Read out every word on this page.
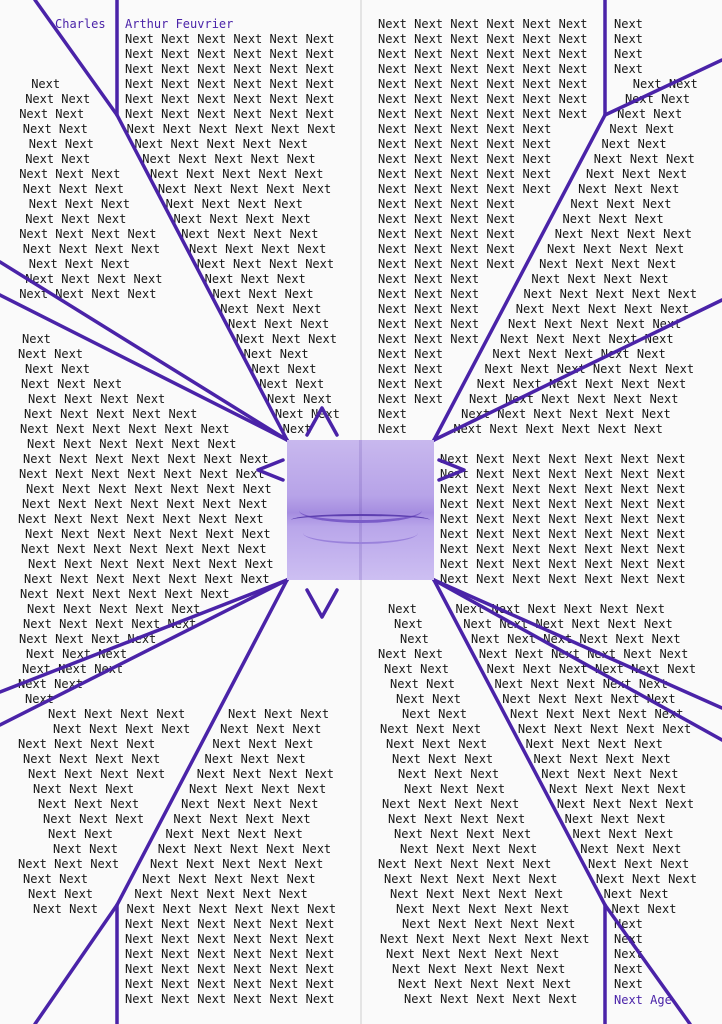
Next Next Next Next Next Next
Next Next Next Next Next Next
Next Next Next Next Next Next
Next	Next Next Next Next Next Next
Next Next	Next Next Next Next Next Next
Next Next	Next Next Next Next Next Next
Next Next	Next Next Next Next Next Next
Next Next	Next Next Next Next Next
Next Next	Next Next Next Next Next
Next Next Next Next Next Next Next Next
Next Next Next	Next Next Next Next Next
Next Next Next	Next Next Next Next
Next Next Next	Next Next Next Next
Next Next Next Next Next Next Next Next
Next Next Next Next Next Next Next Next
Next Next Next	Next Next Next Next
Next Next Next Next	Next Next Next
Next Next Next Next	Next Next Next
Next Next Next
Next Next Next
Next Next Next
Next
Next Next
Next Next
Next Next
Next Next
Next Next
Next Next Next
Next Next
Next Next Next Next
Next Next
Next Next Next Next Next
Next
Next Next Next Next Next Next
Next Next Next Next Next Next
Next Next Next Next Next Next Next
Next Next Next Next Next Next Next
Next Next Next Next Next Next Next
Next Next Next Next Next Next Next
Next Next Next Next Next Next Next
Next Next Next Next Next Next Next
Next Next Next Next Next Next Next
Next Next Next Next Next Next Next
Next Next Next Next Next Next Next
Next Next Next Next Next Next
Next Next Next Next Next
Next Next Next Next Next
Next Next Next Next
Next Next Next
Next Next Next
Next Next
Next
Next Next Next Next	Next Next Next
Next Next Next Next Next Next Next
Next Next Next Next	Next Next Next
Next Next Next Next	Next Next Next
Next Next Next Next	Next Next Next Next
Next Next Next	Next Next Next Next
Next Next Next	Next Next Next Next
Next Next Next Next Next Next Next
Next Next	Next Next Next Next
Next Next	Next Next Next Next Next
Next Next Next	Next Next Next Next Next
Next Next	Next Next Next Next Next
Next Next	Next Next Next Next Next
Next Next Next Next Next Next Next Next
Next Next Next Next Next Next
Next Next Next Next Next Next
Next Next Next Next Next Next
Next Next Next Next Next Next
Next Next Next Next Next Next
Next Next Next Next Next Next
Next Next Next Next Next Next Next
Next Next Next Next Next Next Next
Next Next Next Next Next Next Next
Next Next Next Next Next Next Next
Next Next Next Next Next Next	Next Next
Next Next Next Next Next Next	Next Next
Next Next Next Next Next Next Next Next
Next Next Next Next Next	Next Next
Next Next Next Next Next	Next Next
Next Next Next Next Next	Next Next Next
Next Next Next Next Next	Next Next Next
Next Next Next Next Next Next Next Next
Next Next Next Next	Next Next Next
Next Next Next Next	Next Next Next
Next Next Next Next	Next Next Next Next
Next Next Next Next	Next Next Next Next
Next Next Next Next Next Next Next Next
Next Next Next	Next Next Next Next
Next Next Next	Next Next Next Next Next
Next Next Next	Next Next Next Next Next
Next Next Next Next Next Next Next Next
Next Next Next Next Next Next Next Next
Next Next	Next Next Next Next Next
Next Next	Next Next Next Next Next Next
Next Next	Next Next Next Next Next Next
Next Next Next Next Next Next Next Next
Next	Next Next Next Next Next Next
Next	Next Next Next Next Next Next
Next Next Next Next Next Next Next
Next Next Next Next Next Next Next
Next Next Next Next Next Next Next
Next Next Next Next Next Next Next
Next Next Next Next Next Next Next
Next Next Next Next Next Next Next
Next Next Next Next Next Next Next
Next Next Next Next Next Next Next
Next Next Next Next Next Next Next
Next	Next Next Next Next Next Next
Next	Next Next Next Next Next Next
Next	Next Next Next Next Next Next
Next Next	Next Next Next Next Next Next
Next Next	Next Next Next Next Next Next
Next Next	Next Next Next Next Next
Next Next	Next Next Next Next Next
Next Next	Next Next Next Next Next
Next Next Next	Next Next Next Next Next
Next Next Next	Next Next Next Next
Next Next Next	Next Next Next Next
Next Next Next	Next Next Next Next
Next Next Next	Next Next Next Next
Next Next Next Next	Next Next Next Next
Next Next Next Next	Next Next Next
Next Next Next Next	Next Next Next
Next Next Next Next	Next Next Next
Next Next Next Next Next	Next Next Next
Next Next Next Next Next	Next Next Next
Next Next Next Next Next	Next Next
Next Next Next Next Next	Next Next
Next Next Next Next Next	Next
Next Next Next Next Next Next Next
Next Next Next Next Next	Next
Next Next Next Next Next	Next
Next Next Next Next Next	Next
Next Next Next Next Next
Charles Arthur Feuvrier
Next Age
